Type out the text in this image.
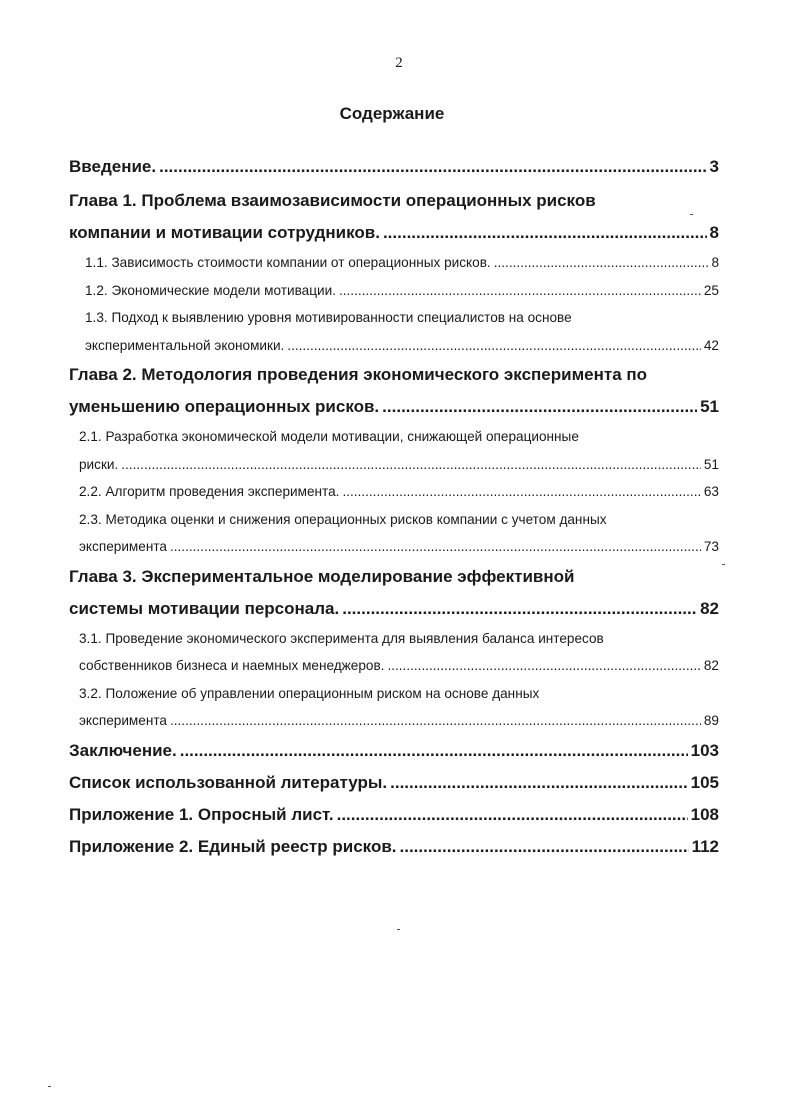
2
Содержание
Введение. .....	3
Глава 1. Проблема взаимозависимости операционных рисков
компании и мотивации сотрудников. .....	8
1.1. Зависимость стоимости компании от операционных рисков. .....	8
1.2. Экономические модели мотивации. .....	25
1.3. Подход к выявлению уровня мотивированности специалистов на основе
экспериментальной экономики. .....	42
Глава 2. Методология проведения экономического эксперимента по
уменьшению операционных рисков. .....	51
2.1. Разработка экономической модели мотивации, снижающей операционные
риски. .....	51
2.2. Алгоритм проведения эксперимента. .....	63
2.3. Методика оценки и снижения операционных рисков компании с учетом данных
эксперимента .....	73
Глава 3. Экспериментальное моделирование эффективной
системы мотивации персонала. .....	82
3.1. Проведение экономического эксперимента для выявления баланса интересов
собственников бизнеса и наемных менеджеров. .....	82
3.2. Положение об управлении операционным риском на основе данных
эксперимента .....	89
Заключение. .....	103
Список использованной литературы. .....	105
Приложение 1. Опросный лист. .....	108
Приложение 2. Единый реестр рисков. .....	112
